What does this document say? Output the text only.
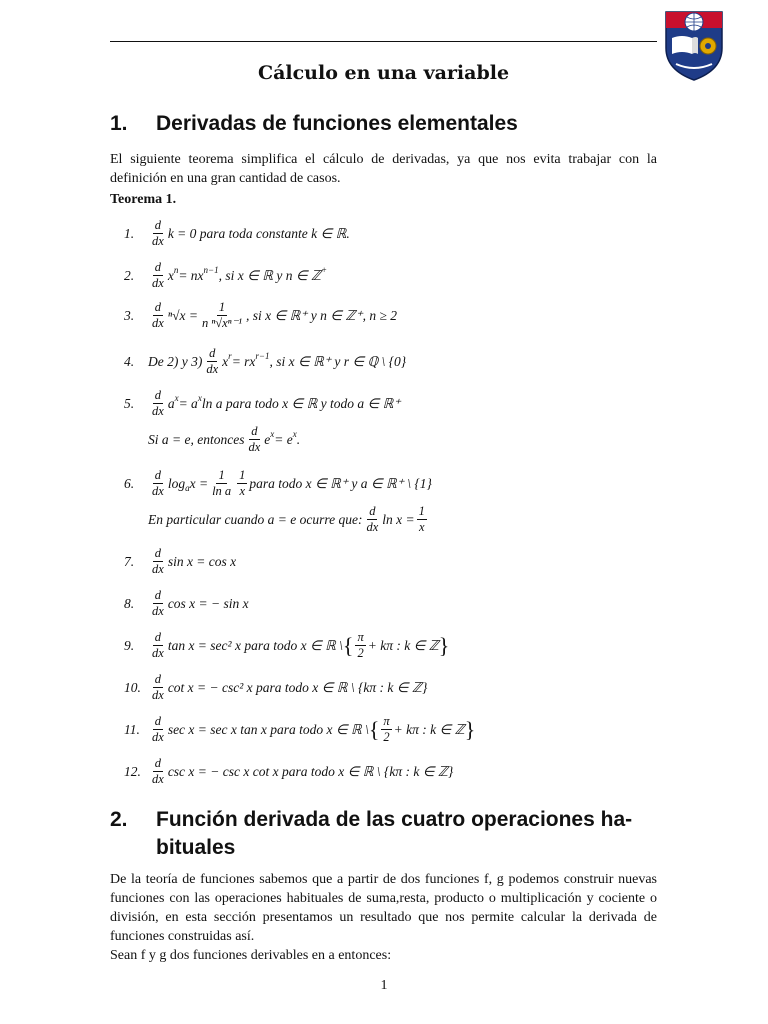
Cálculo en una variable
1. Derivadas de funciones elementales
El siguiente teorema simplifica el cálculo de derivadas, ya que nos evita trabajar con la definición en una gran cantidad de casos.
Teorema 1.
1.	$\frac{d}{dx}$ k = 0 para toda constante k ∈ ℝ.
2.	$\frac{d}{dx}$ x n = nx n−1 , si x ∈ ℝ y n ∈ ℤ +
3.	$\frac{d}{dx} ^n√x = \frac{1}{\text{n ⁿ√xⁿ⁻¹}}$ , si x ∈ ℝ⁺ y n ∈ ℤ⁺, n ≥ 2
4.	De 2) y $3) \frac{d}{dx}$ x r = rx r−1 , si x ∈ ℝ⁺ y r ∈ ℚ \ {0}
5.	$\frac{d}{dx}$ a x = a x ln a para todo x ∈ ℝ y todo a ∈ ℝ⁺
Si a = e, entonces $\frac{d}{dx}$ e x = e x .
6.	$\frac{d}{dx}$ log a $x = \frac{1}{\text{ln a}} \frac{1}{x}$ para todo x ∈ ℝ⁺ y a ∈ ℝ⁺ \ {1}
En particular cuando a = e ocurre que: $\frac{d}{dx}$ $\ln x = \frac{1}{x}$
7.	$\frac{d}{dx}$ sin x = cos x
8.	$\frac{d}{dx}$ cos x = − sin x
9.	$\frac{d}{dx}$ tan x = sec² x para todo x ∈ ℝ \ { $\frac{\pi}{2} + k\pi$ : k ∈ ℤ }
10. $\frac{d}{dx}$ cot x = − csc² x para todo x ∈ ℝ \ {kπ : k ∈ ℤ}
11. $\frac{d}{dx}$ sec x = sec x tan x para todo x ∈ ℝ \ { $\frac{\pi}{2} + k\pi$ : k ∈ ℤ }
12. $\frac{d}{dx}$ csc x = − csc x cot x para todo x ∈ ℝ \ {kπ : k ∈ ℤ}
2. Función derivada de las cuatro operaciones ha-
bituales
De la teoría de funciones sabemos que a partir de dos funciones f, g podemos construir nuevas funciones con las operaciones habituales de suma,resta, producto o multiplicación y cociente o división, en esta sección presentamos un resultado que nos permite calcular la derivada de funciones construidas así.
Sean f y g dos funciones derivables en a entonces:
1
